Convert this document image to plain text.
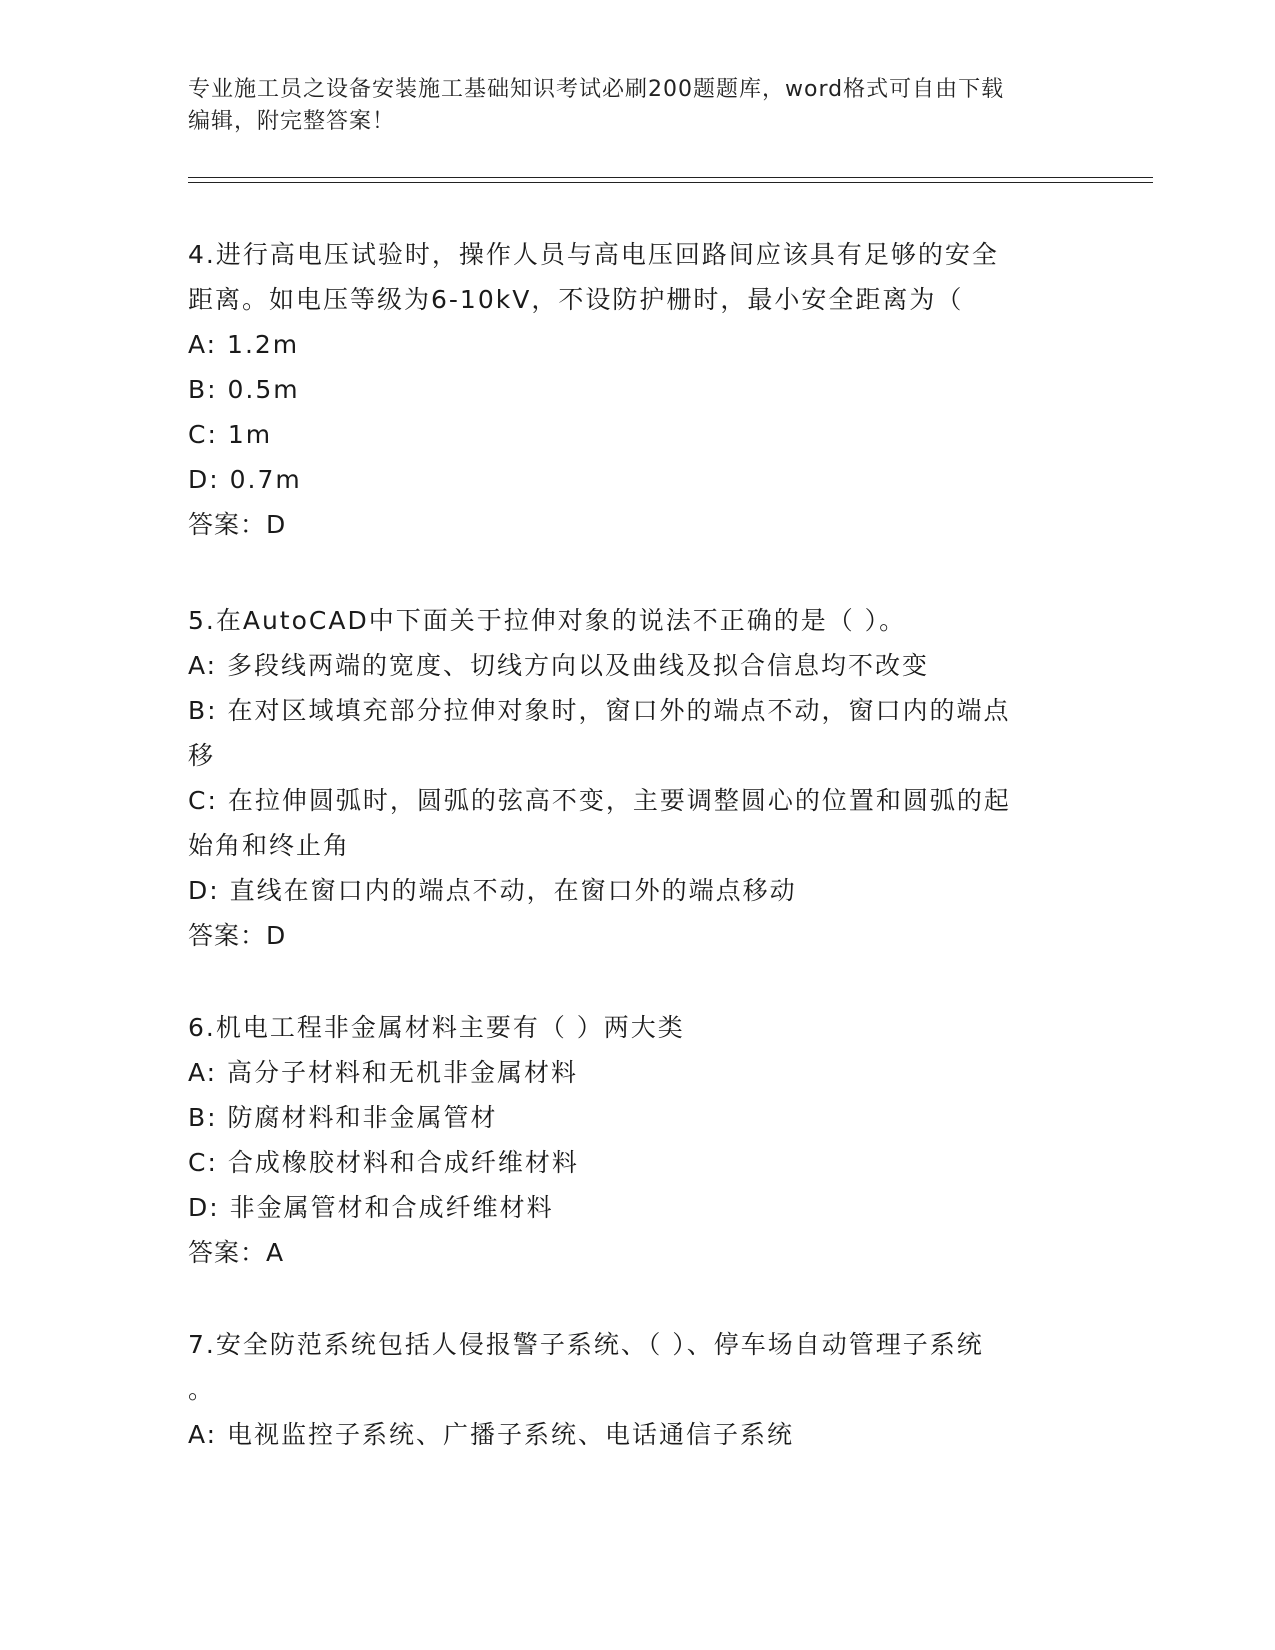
专业施工员之设备安装施工基础知识考试必刷200题题库，word格式可自由下载
编辑，附完整答案！
4.进行高电压试验时，操作人员与高电压回路间应该具有足够的安全
距离。如电压等级为6-10kV，不设防护栅时，最小安全距离为（
A: 1.2m
B: 0.5m
C: 1m
D: 0.7m
答案：D
5.在AutoCAD中下面关于拉伸对象的说法不正确的是（ ）。
A: 多段线两端的宽度、切线方向以及曲线及拟合信息均不改变
B: 在对区域填充部分拉伸对象时，窗口外的端点不动，窗口内的端点
移
C: 在拉伸圆弧时，圆弧的弦高不变，主要调整圆心的位置和圆弧的起
始角和终止角
D: 直线在窗口内的端点不动，在窗口外的端点移动
答案：D
6.机电工程非金属材料主要有（ ）两大类
A: 高分子材料和无机非金属材料
B: 防腐材料和非金属管材
C: 合成橡胶材料和合成纤维材料
D: 非金属管材和合成纤维材料
答案：A
7.安全防范系统包括人侵报警子系统、（ ）、停车场自动管理子系统
。
A: 电视监控子系统、广播子系统、电话通信子系统
